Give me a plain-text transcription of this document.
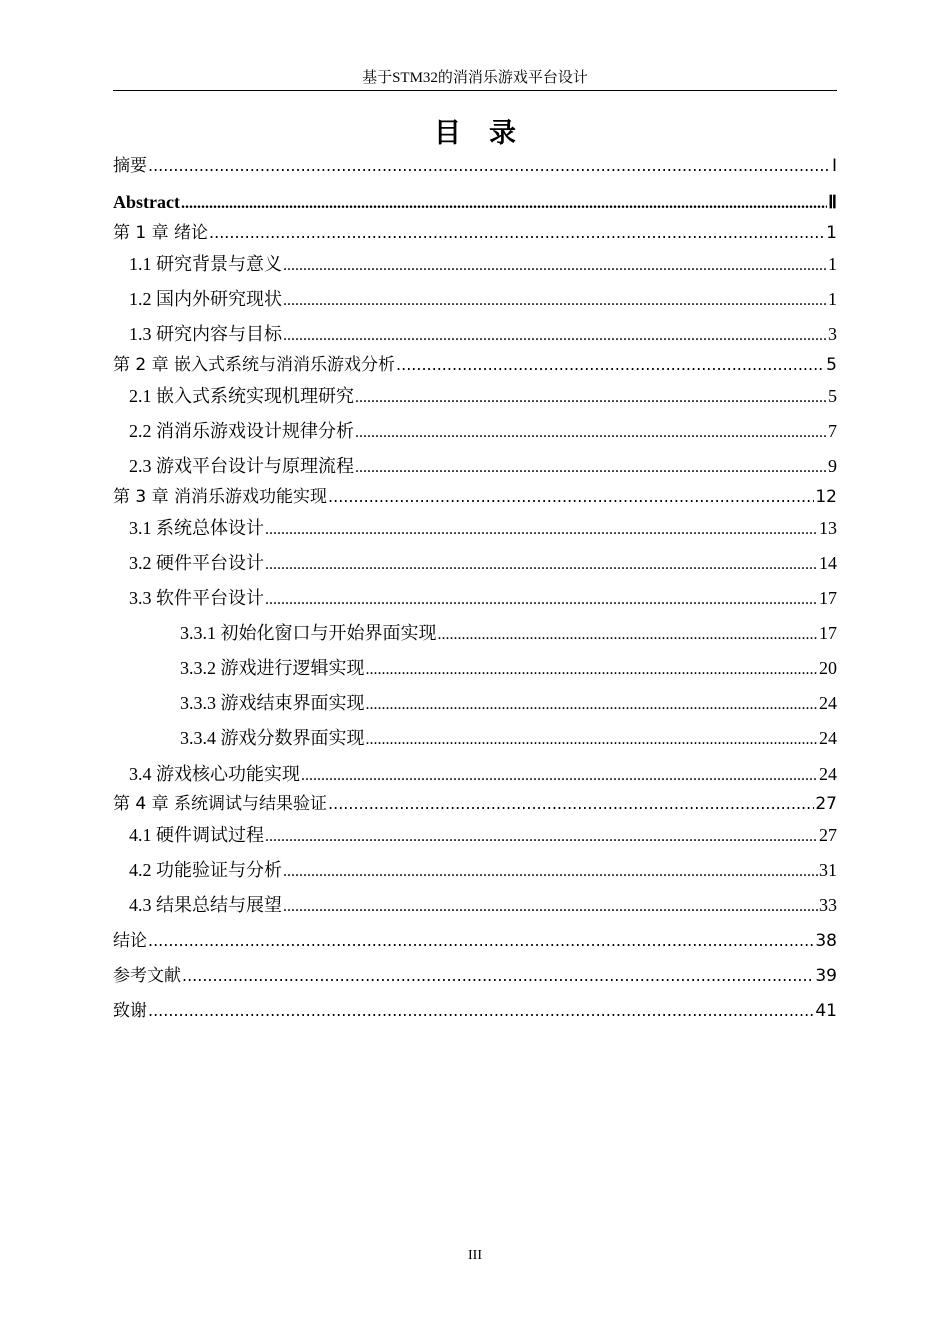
基于STM32的消消乐游戏平台设计
目录
摘要 .....	Ⅰ
Abstract .....	Ⅱ
第 1 章 绪论 .....	1
1.1 研究背景与意义 .....	1
1.2 国内外研究现状 .....	1
1.3 研究内容与目标 .....	3
第 2 章 嵌入式系统与消消乐游戏分析 .....	5
2.1 嵌入式系统实现机理研究 .....	5
2.2 消消乐游戏设计规律分析 .....	7
2.3 游戏平台设计与原理流程 .....	9
第 3 章 消消乐游戏功能实现 .....	12
3.1 系统总体设计 .....	13
3.2 硬件平台设计 .....	14
3.3 软件平台设计 .....	17
3.3.1 初始化窗口与开始界面实现 .....	17
3.3.2 游戏进行逻辑实现 .....	20
3.3.3 游戏结束界面实现 .....	24
3.3.4 游戏分数界面实现 .....	24
3.4 游戏核心功能实现 .....	24
第 4 章 系统调试与结果验证 .....	27
4.1 硬件调试过程 .....	27
4.2 功能验证与分析 .....	31
4.3 结果总结与展望 .....	33
结论 .....	38
参考文献 .....	39
致谢 .....	41
III
